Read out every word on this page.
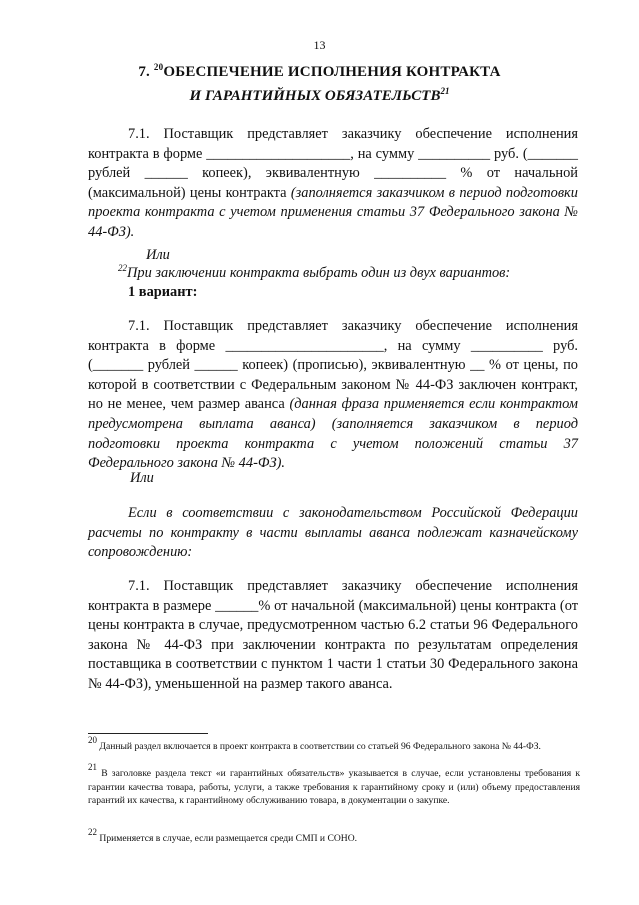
13
7. $^{20}$ОБЕСПЕЧЕНИЕ ИСПОЛНЕНИЯ КОНТРАКТА
И ГАРАНТИЙНЫХ ОБЯЗАТЕЛЬСТВ$^{21}$

7.1. Поставщик представляет заказчику обеспечение исполнения контракта в форме ____________________, на сумму __________ руб. (_______ рублей ______ копеек), эквивалентную __________ % от начальной (максимальной) цены контракта (заполняется заказчиком в период подготовки проекта контракта с учетом применения статьи 37 Федерального закона № 44-ФЗ).

Или
$^{22}$При заключении контракта выбрать один из двух вариантов:
1 вариант:

7.1. Поставщик представляет заказчику обеспечение исполнения контракта в форме ______________________, на сумму __________ руб. (_______ рублей ______ копеек) (прописью), эквивалентную __ % от цены, по которой в соответствии с Федеральным законом № 44-ФЗ заключен контракт, но не менее, чем размер аванса (данная фраза применяется если контрактом предусмотрена выплата аванса) (заполняется заказчиком в период подготовки проекта контракта с учетом положений статьи 37 Федерального закона № 44-ФЗ).

Или

Если в соответствии с законодательством Российской Федерации расчеты по контракту в части выплаты аванса подлежат казначейскому сопровождению:

7.1. Поставщик представляет заказчику обеспечение исполнения контракта в размере ______% от начальной (максимальной) цены контракта (от цены контракта в случае, предусмотренном частью 6.2 статьи 96 Федерального закона № 44-ФЗ при заключении контракта по результатам определения поставщика в соответствии с пунктом 1 части 1 статьи 30 Федерального закона № 44-ФЗ), уменьшенной на размер такого аванса.

$^{20}$ Данный раздел включается в проект контракта в соответствии со статьей 96 Федерального закона № 44-ФЗ.

$^{21}$ В заголовке раздела текст «и гарантийных обязательств» указывается в случае, если установлены требования к гарантии качества товара, работы, услуги, а также требования к гарантийному сроку и (или) объему предоставления гарантий их качества, к гарантийному обслуживанию товара, в документации о закупке.

$^{22}$ Применяется в случае, если размещается среди СМП и СОНО.
